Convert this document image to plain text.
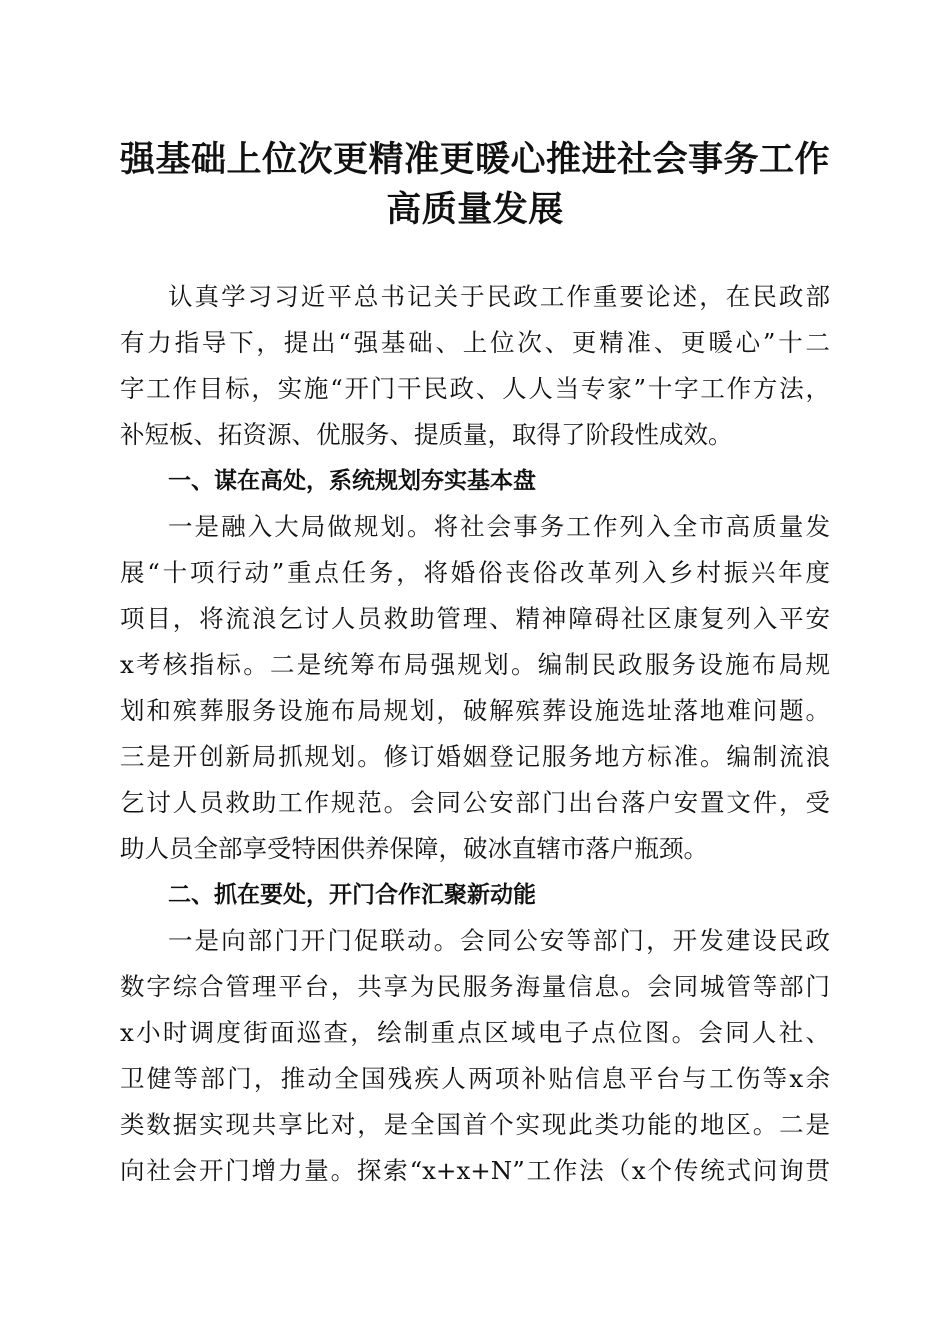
强基础上位次更精准更暖心推进社会事务工作
高质量发展

认真学习习近平总书记关于民政工作重要论述，在民政部

有力指导下，提出“强基础、上位次、更精准、更暖心”十二

字工作目标，实施“开门干民政、人人当专家”十字工作方法，

补短板、拓资源、优服务、提质量，取得了阶段性成效。

一、谋在高处，系统规划夯实基本盘

一是融入大局做规划。将社会事务工作列入全市高质量发

展“十项行动”重点任务，将婚俗丧俗改革列入乡村振兴年度

项目，将流浪乞讨人员救助管理、精神障碍社区康复列入平安

x考核指标。二是统筹布局强规划。编制民政服务设施布局规

划和殡葬服务设施布局规划，破解殡葬设施选址落地难问题。

三是开创新局抓规划。修订婚姻登记服务地方标准。编制流浪

乞讨人员救助工作规范。会同公安部门出台落户安置文件，受

助人员全部享受特困供养保障，破冰直辖市落户瓶颈。

二、抓在要处，开门合作汇聚新动能

一是向部门开门促联动。会同公安等部门，开发建设民政

数字综合管理平台，共享为民服务海量信息。会同城管等部门

x小时调度街面巡查，绘制重点区域电子点位图。会同人社、

卫健等部门，推动全国残疾人两项补贴信息平台与工伤等x余

类数据实现共享比对，是全国首个实现此类功能的地区。二是

向社会开门增力量。探索“x+x+N”工作法（x个传统式问询贯
